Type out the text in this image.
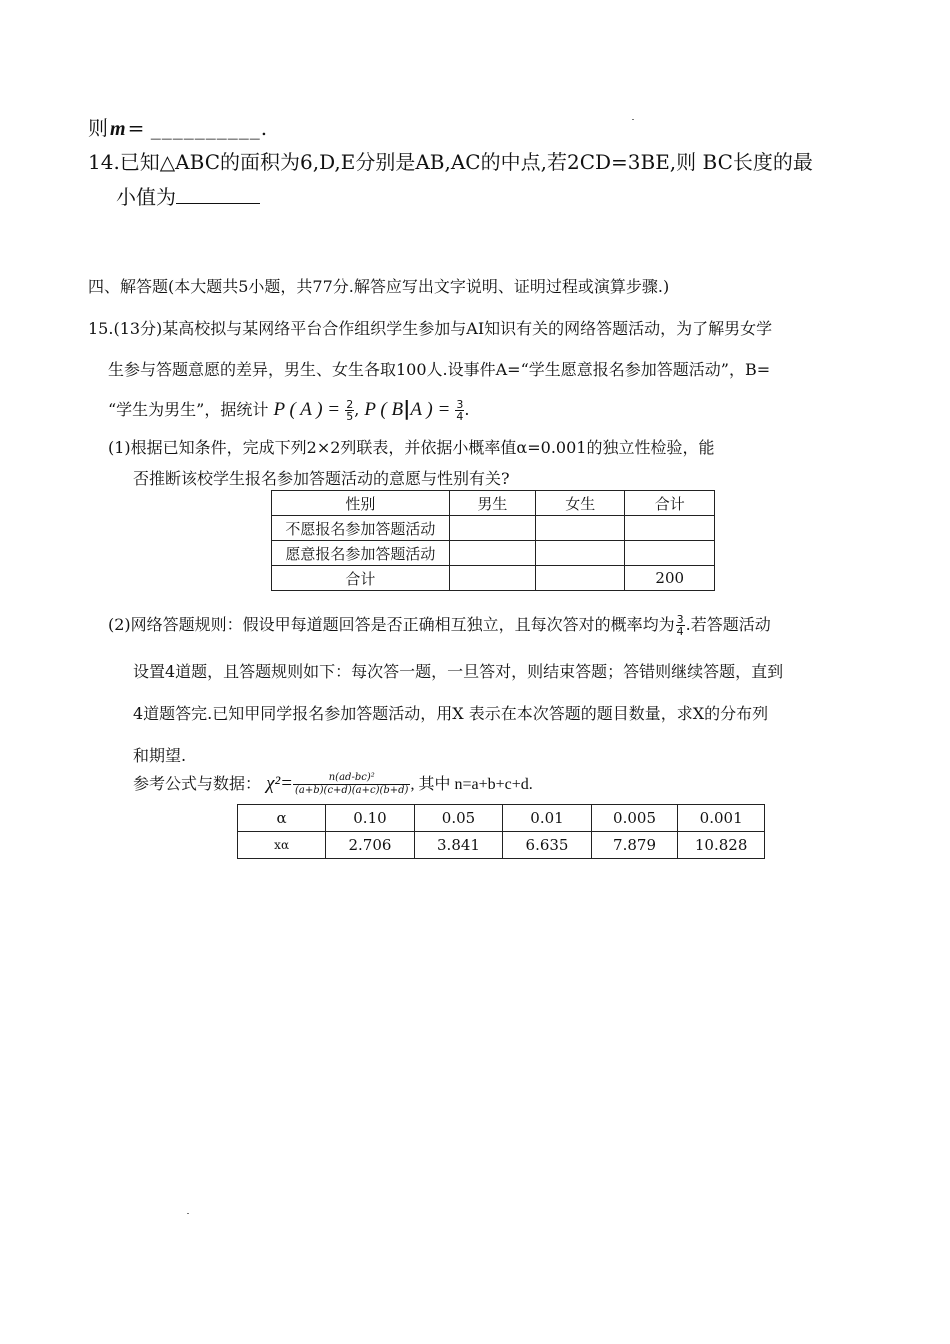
则 m = __________.
14.已知△ABC的面积为6,D,E分别是AB,AC的中点,若2CD=3BE,则 BC长度的最
小值为
四、解答题(本大题共5小题，共77分.解答应写出文字说明、证明过程或演算步骤.)
15.(13分)某高校拟与某网络平台合作组织学生参加与AI知识有关的网络答题活动，为了解男女学
生参与答题意愿的差异，男生、女生各取100人.设事件A=“学生愿意报名参加答题活动”，B=
“学生为男生”，据统计 P ( A ) = $\frac{2}{5}$ , P ( B|A ) = $\frac{3}{4}$ .
(1)根据已知条件，完成下列2×2列联表，并依据小概率值α=0.001的独立性检验，能
否推断该校学生报名参加答题活动的意愿与性别有关?
性别	男生	女生	合计
不愿报名参加答题活动			
愿意报名参加答题活动			
合计			200
(2)网络答题规则：假设甲每道题回答是否正确相互独立，且每次答对的概率均为 $\frac{3}{4}$ .若答题活动
设置4道题，且答题规则如下：每次答一题，一旦答对，则结束答题；答错则继续答题，直到
4道题答完.已知甲同学报名参加答题活动，用X 表示在本次答题的题目数量，求X的分布列
和期望.
参考公式与数据： $\chi^2= \frac{\text{n(ad-bc)²}}{(a+b)(c+d)(a+c)(b+d)}$ , 其中 n=a+b+c+d.
α	0.10	0.05	0.01	0.005	0.001
xα	2.706	3.841	6.635	7.879	10.828
